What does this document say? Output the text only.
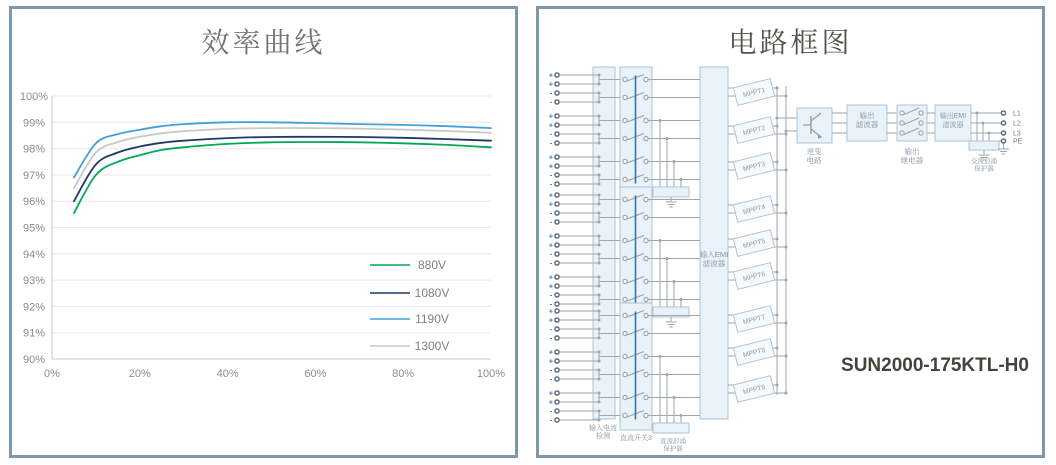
效率曲线
100%
99%
98%
97%
96%
95%
94%
93%
92%
91%
90%
0%	20%	40%	60%	80%	100%
880V
1080V
1190V
1300V
电路框图
SUN2000-175KTL-H0
输入电流检测
+
+
-
-
+
+
-
-
+
+
-
-
+
+
-
-
+
+
-
-
+
+
-
-
+
+
-
-
+
+
-
-
+
+
-
-
直流开关3 直流浪涌保护器
输入EMI 滤波器
MPPT1
MPPT2
MPPT3
MPPT4
MPPT5
MPPT6
MPPT7
MPPT8
MPPT9
逆变电路
输出滤波器
输出继电器
输出EMI 滤波器
交流浪涌保护器
L1
L2
L3
PE
